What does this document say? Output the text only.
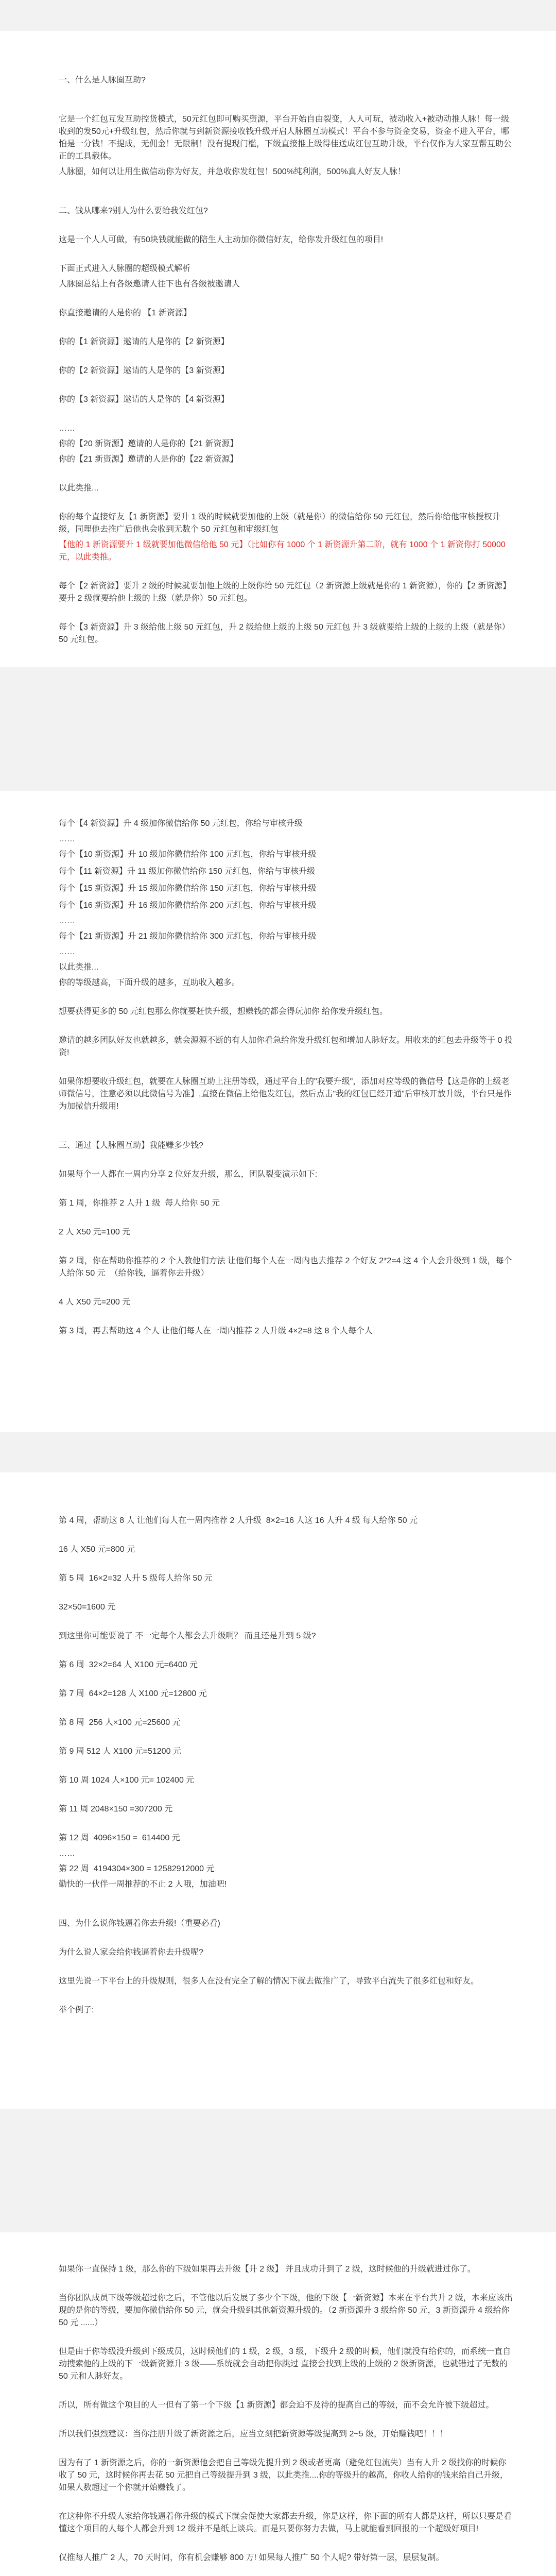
一、什么是人脉圈互助?

它是一个红包互发互助控货模式，50元红包即可购买资源，平台开始自由裂变，人人可玩，被动收入+被动动推人脉！每一级收到的发50元+升级红包，然后你就与到新资源接收钱升级开启人脉圈互助模式！平台不参与资金交易，资金不进入平台，哪怕是一分钱！不提成，无佣金！无限制！没有提现门槛，下级直接推上级得佳送成红包互助升级，平台仅作为大家互帮互助公正的工具载体。

人脉圈，如何以让用生做信动你为好友，并急收你发红包！500%纯利润，500%真人好友人脉！

二、钱从哪来?别人为什么要给我发红包?

这是一个人人可做，有50块钱就能做的陪生人主动加你微信好友，给你发升级红包的项目!

下面正式进入人脉圈的超级模式解析

人脉圈总结上有各级邀请人往下也有各级被邀请人

你直接邀请的人是你的 【1 新资源】

你的【1 新资源】邀请的人是你的【2 新资源】

你的【2 新资源】邀请的人是你的【3 新资源】

你的【3 新资源】邀请的人是你的【4 新资源】

……

你的【20 新资源】邀请的人是你的【21 新资源】

你的【21 新资源】邀请的人是你的【22 新资源】

以此类推...

你的每个直接好友【1 新资源】要升 1 级的时候就要加他的上级（就是你）的微信给你 50 元红包，然后你给他审核授权升级，同理他去推广后他也会收到无数个 50 元红包和审级红包

【他的 1 新资源要升 1 级就要加他微信给他 50 元】（比如你有 1000 个 1 新资源升第二阶，就有 1000 个 1 新资你打 50000 元，以此类推。

每个【2 新资源】要升 2 级的时候就要加他上级的上级你给 50 元红包（2 新资源上级就是你的 1 新资源），你的【2 新资源】要升 2 级就要给他上级的上级（就是你）50 元红包。

每个【3 新资源】升 3 级给他上级 50 元红包，升 2 级给他上级的上级 50 元红包 升 3 级就要给上级的上级的上级（就是你）50 元红包。

每个【4 新资源】升 4 级加你微信给你 50 元红包，你给与审核升级

……

每个【10 新资源】升 10 级加你微信给你 100 元红包，你给与审核升级

每个【11 新资源】升 11 级加你微信给你 150 元红包，你给与审核升级

每个【15 新资源】升 15 级加你微信给你 150 元红包，你给与审核升级

每个【16 新资源】升 16 级加你微信给你 200 元红包，你给与审核升级

……

每个【21 新资源】升 21 级加你微信给你 300 元红包，你给与审核升级

……

以此类推...

你的等级越高，下面升级的越多，互助收入越多。

想要获得更多的 50 元红包那么你就要赶快升级，想赚钱的都会得玩加你 给你发升级红包。

邀请的越多团队好友也就越多，就会源源不断的有人加你看急给你发升级红包和增加人脉好友。用收来的红包去升级等于 0 投资!

如果你想要收升级红包，就要在人脉圈互助上注册等级，通过平台上的"我要升级"，添加对应等级的微信号【这是你的上级老师微信号，注意必须以此微信号为准】,直接在微信上给他发红包，然后点击"我的红包已经开通"后审核开放升级，平台只是作为加微信升级用!

三、通过【人脉圈互助】我能赚多少钱?

如果每个一人都在一周内分享 2 位好友升级，那么，团队裂变演示如下:

第 1 周，你推荐 2 人升 1 级  每人给你 50 元

2 人 X50 元=100 元

第 2 周，你在帮助你推荐的 2 个人教他们方法 让他们每个人在一周内也去推荐 2 个好友 2*2=4 这 4 个人会升级到 1 级，每个人给你 50 元  （给你钱，逼着你去升级）

4 人 X50 元=200 元

第 3 周，再去帮助这 4 个人 让他们每人在一周内推荐 2 人升级 4×2=8 这 8 个人每个人

第 4 周，帮助这 8 人 让他们每人在一周内推荐 2 人升级  8×2=16 人这 16 人升 4 级 每人给你 50 元

16 人 X50 元=800 元

第 5 周  16×2=32 人升 5 级每人给你 50 元

32×50=1600 元

到这里你可能要说了 不一定每个人都会去升级啊？ 而且还是升到 5 级?

第 6 周  32×2=64 人 X100 元=6400 元

第 7 周  64×2=128 人 X100 元=12800 元

第 8 周  256 人×100 元=25600 元

第 9 周 512 人 X100 元=51200 元

第 10 周 1024 人×100 元= 102400 元

第 11 周 2048×150 =307200 元

第 12 周  4096×150 =  614400 元

……

第 22 周  4194304×300 = 12582912000 元

勤快的一伙伴一周推荐的不止 2 人哦，加油吧!

四、为什么说你钱逼着你去升级!（重要必看)

为什么说人家会给你钱逼着你去升级呢?

这里先说一下平台上的升级规则，很多人在没有完全了解的情况下就去做推广了，导致平白流失了很多红包和好友。

举个例子:

如果你一直保持 1 级，那么你的下级如果再去升级【升 2 级】 并且成功升到了 2 级，这时候他的升级就进过你了。

当你团队成员下级等级超过你之后，不管他以后发展了多少个下级，他的下级【一新资源】本来在平台共升 2 级，本来应该出现的是你的等级，要加你微信给你 50 元，就会升级到其他新资源升级的。（2 新资源升 3 级给你 50 元，3 新资源升 4 级给你 50 元 ......）

但是由于你等级没升级到下级成员，这时候他们的 1 级，2 级，3 级，下级升 2 级的时候，他们就没有给你的，而系统一直自动搜索他的上级的下一级新资源升 3 级——系统就会自动把你跳过 直接会找到上级的上级的 2 级新资源，也就错过了无数的 50 元和人脉好友。

所以，所有做这个项目的人一但有了第一个下级【1 新资源】都会迫不及待的提高自己的等级，而不会允许被下级超过。

所以我们强烈建议：当你注册升级了新资源之后，应当立刻把新资源等级提高到 2~5 级，开始赚钱吧！！！

因为有了 1 新资源之后，你的一新资源他会把自己等级先提升到 2 级或者更高（避免红包流失）当有人升 2 级找你的时候你收了 50 元，这时候你再去花 50 元把自己等级提升到 3 级，以此类推....你的等级升的越高，你收人给你的钱来给自己升级，如果人数超过一个你就开始赚钱了。

在这种你不升级人家给你钱逼着你升级的模式下就会促使大家都去升级，你是这样，你下面的所有人都是这样，所以只要是看懂这个项目的人每个人都会升到 12 级并不是纸上谈兵。而是只要你努力去做，马上就能看到回报的一个超级好项目!

仅推每人推广 2 人，70 天时间，你有机会赚够 800 万! 如果每人推广 50 个人呢? 带好第一层，层层复制。
